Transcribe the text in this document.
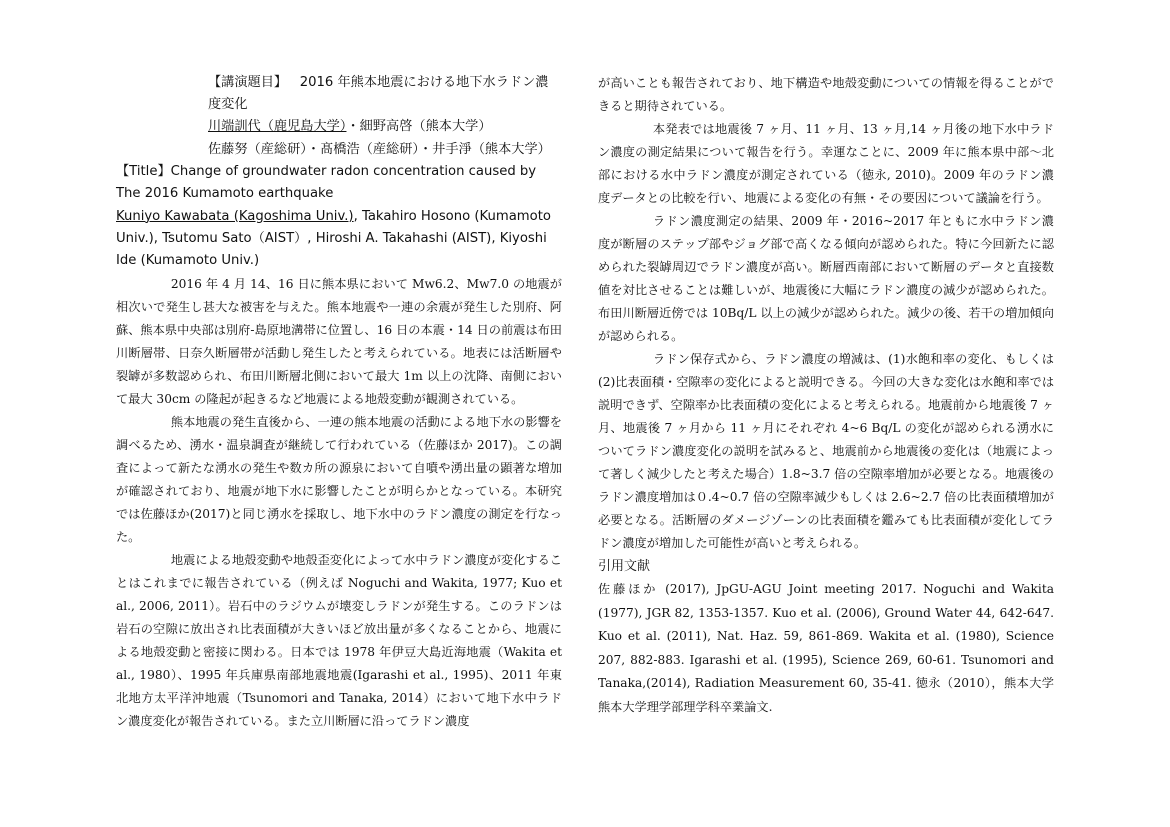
【講演題目】 2016 年熊本地震における地下水ラドン濃
度変化
川端訓代（鹿児島大学）・細野高啓（熊本大学）
佐藤努（産総研）・髙橋浩（産総研）・井手淨（熊本大学）

【Title】Change of groundwater radon concentration caused by The 2016 Kumamoto earthquake
Kuniyo Kawabata (Kagoshima Univ.), Takahiro Hosono (Kumamoto Univ.), Tsutomu Sato（AIST）, Hiroshi A. Takahashi (AIST), Kiyoshi Ide (Kumamoto Univ.)

2016 年 4 月 14、16 日に熊本県において Mw6.2、Mw7.0 の地震が相次いで発生し甚大な被害を与えた。熊本地震や一連の余震が発生した別府、阿蘇、熊本県中央部は別府-島原地溝帯に位置し、16 日の本震・14 日の前震は布田川断層帯、日奈久断層帯が活動し発生したと考えられている。地表には活断層や裂罅が多数認められ、布田川断層北側において最大 1m 以上の沈降、南側において最大 30cm の隆起が起きるなど地震による地殻変動が観測されている。

熊本地震の発生直後から、一連の熊本地震の活動による地下水の影響を調べるため、湧水・温泉調査が継続して行われている（佐藤ほか 2017)。この調査によって新たな湧水の発生や数カ所の源泉において自噴や湧出量の顕著な増加が確認されており、地震が地下水に影響したことが明らかとなっている。本研究では佐藤ほか(2017)と同じ湧水を採取し、地下水中のラドン濃度の測定を行なった。

地震による地殻変動や地殻歪変化によって水中ラドン濃度が変化することはこれまでに報告されている（例えば Noguchi and Wakita, 1977; Kuo et al., 2006, 2011）。岩石中のラジウムが壊変しラドンが発生する。このラドンは岩石の空隙に放出され比表面積が大きいほど放出量が多くなることから、地震による地殻変動と密接に関わる。日本では 1978 年伊豆大島近海地震（Wakita et al., 1980）、1995 年兵庫県南部地震地震(Igarashi et al., 1995)、2011 年東北地方太平洋沖地震（Tsunomori and Tanaka, 2014）において地下水中ラドン濃度変化が報告されている。また立川断層に沿ってラドン濃度

が高いことも報告されており、地下構造や地殻変動についての情報を得ることができると期待されている。

本発表では地震後 7 ヶ月、11 ヶ月、13 ヶ月,14 ヶ月後の地下水中ラドン濃度の測定結果について報告を行う。幸運なことに、2009 年に熊本県中部〜北部における水中ラドン濃度が測定されている（徳永, 2010)。2009 年のラドン濃度データとの比較を行い、地震による変化の有無・その要因について議論を行う。

ラドン濃度測定の結果、2009 年・2016~2017 年ともに水中ラドン濃度が断層のステップ部やジョグ部で高くなる傾向が認められた。特に今回新たに認められた裂罅周辺でラドン濃度が高い。断層西南部において断層のデータと直接数値を対比させることは難しいが、地震後に大幅にラドン濃度の減少が認められた。布田川断層近傍では 10Bq/L 以上の減少が認められた。減少の後、若干の増加傾向が認められる。

ラドン保存式から、ラドン濃度の増減は、(1)水飽和率の変化、もしくは(2)比表面積・空隙率の変化によると説明できる。今回の大きな変化は水飽和率では説明できず、空隙率か比表面積の変化によると考えられる。地震前から地震後 7 ヶ月、地震後 7 ヶ月から 11 ヶ月にそれぞれ 4~6 Bq/L の変化が認められる湧水についてラドン濃度変化の説明を試みると、地震前から地震後の変化は（地震によって著しく減少したと考えた場合）1.8~3.7 倍の空隙率増加が必要となる。地震後のラドン濃度増加は０.4~0.7 倍の空隙率減少もしくは 2.6~2.7 倍の比表面積増加が必要となる。活断層のダメージゾーンの比表面積を鑑みても比表面積が変化してラドン濃度が増加した可能性が高いと考えられる。

引用文献

佐藤ほか (2017), JpGU-AGU Joint meeting 2017. Noguchi and Wakita (1977), JGR 82, 1353-1357. Kuo et al. (2006), Ground Water 44, 642-647. Kuo et al. (2011), Nat. Haz. 59, 861-869. Wakita et al. (1980), Science 207, 882-883. Igarashi et al. (1995), Science 269, 60-61. Tsunomori and Tanaka,(2014), Radiation Measurement 60, 35-41. 徳永（2010），熊本大学熊本大学理学部理学科卒業論文.
